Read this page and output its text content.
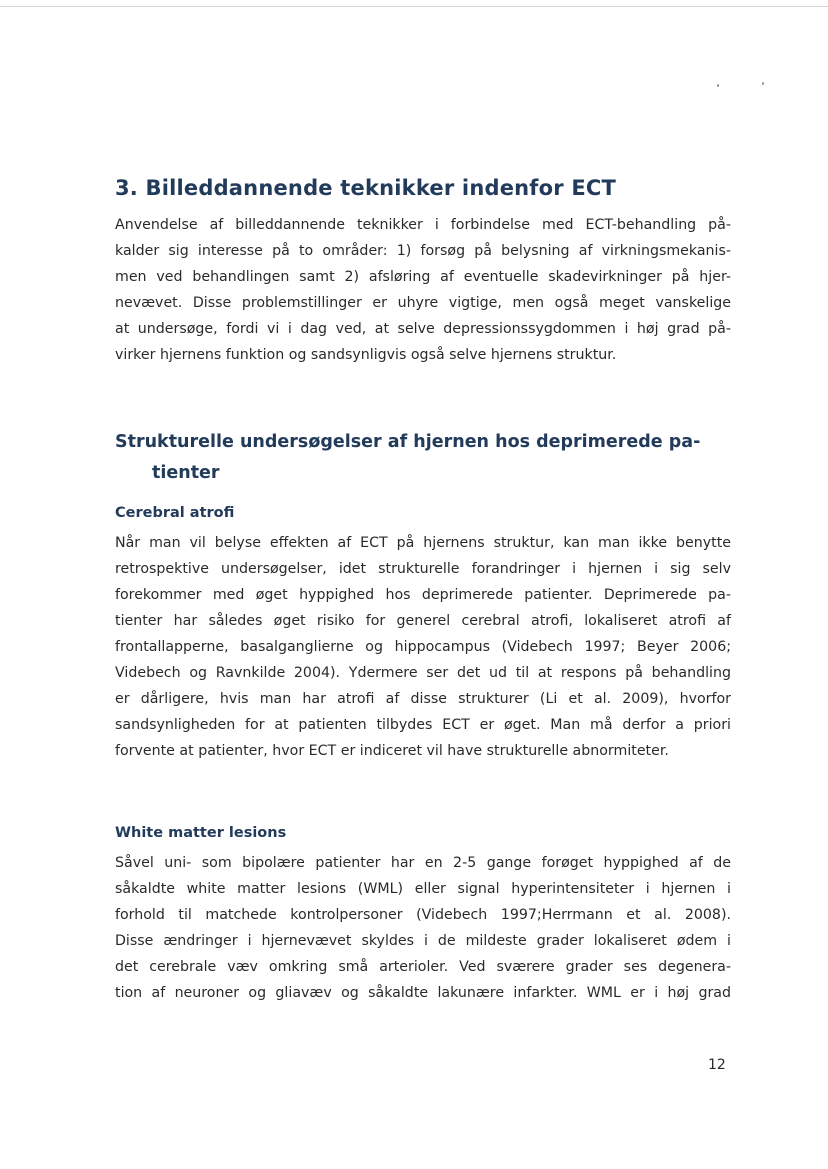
3. Billeddannende teknikker indenfor ECT
Anvendelse af billeddannende teknikker i forbindelse med ECT-behandling på-
kalder sig interesse på to områder: 1) forsøg på belysning af virkningsmekanis-
men ved behandlingen samt 2) afsløring af eventuelle skadevirkninger på hjer-
nevævet. Disse problemstillinger er uhyre vigtige, men også meget vanskelige
at undersøge, fordi vi i dag ved, at selve depressionssygdommen i høj grad på-
virker hjernens funktion og sandsynligvis også selve hjernens struktur.
Strukturelle undersøgelser af hjernen hos deprimerede pa-
tienter
Cerebral atrofi
Når man vil belyse effekten af ECT på hjernens struktur, kan man ikke benytte
retrospektive undersøgelser, idet strukturelle forandringer i hjernen i sig selv
forekommer med øget hyppighed hos deprimerede patienter. Deprimerede pa-
tienter har således øget risiko for generel cerebral atrofi, lokaliseret atrofi af
frontallapperne, basalganglierne og hippocampus (Videbech 1997; Beyer 2006;
Videbech og Ravnkilde 2004). Ydermere ser det ud til at respons på behandling
er dårligere, hvis man har atrofi af disse strukturer (Li et al. 2009), hvorfor
sandsynligheden for at patienten tilbydes ECT er øget. Man må derfor a priori
forvente at patienter, hvor ECT er indiceret vil have strukturelle abnormiteter.
White matter lesions
Såvel uni- som bipolære patienter har en 2-5 gange forøget hyppighed af de
såkaldte white matter lesions (WML) eller signal hyperintensiteter i hjernen i
forhold til matchede kontrolpersoner (Videbech 1997;Herrmann et al. 2008).
Disse ændringer i hjernevævet skyldes i de mildeste grader lokaliseret ødem i
det cerebrale væv omkring små arterioler. Ved sværere grader ses degenera-
tion af neuroner og gliavæv og såkaldte lakunære infarkter. WML er i høj grad
12
